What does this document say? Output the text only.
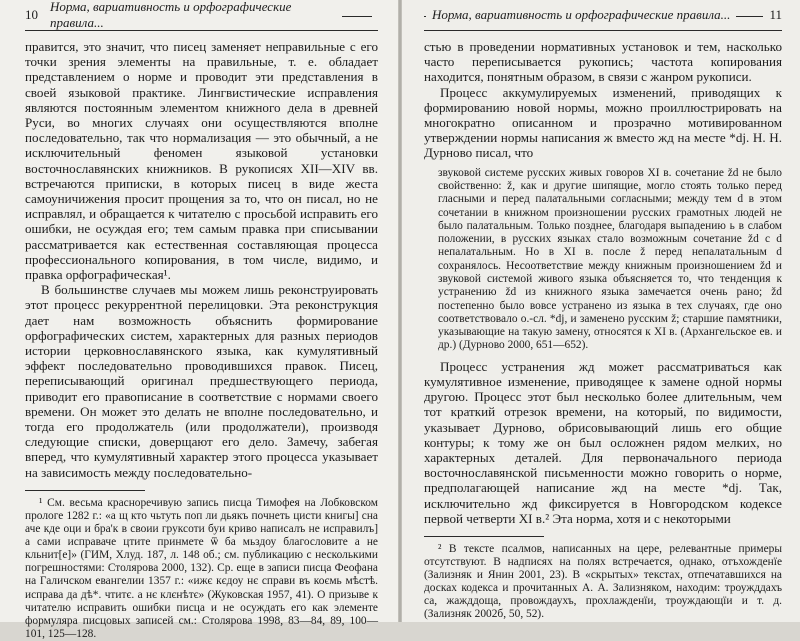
10
Норма, вариативность и орфографические правила...

правится, это значит, что писец заменяет неправильные с его точки зрения элементы на правильные, т. е. обладает представлением о норме и проводит эти представления в своей языковой практике. Лингвистические исправления являются постоянным элементом книжного дела в древней Руси, во многих случаях они осуществляются вполне последовательно, так что нормализация — это обычный, а не исключительный феномен языковой установки восточнославянских книжников. В рукописях XII—XIV вв. встречаются приписки, в которых писец в виде жеста самоуничижения просит прощения за то, что он писал, но не исправлял, и обращается к читателю с просьбой исправить его ошибки, не осуждая его; тем самым правка при списывании рассматривается как естественная составляющая процесса профессионального копирования, в том числе, видимо, и правка орфографическая¹.

В большинстве случаев мы можем лишь реконструировать этот процесс рекуррентной перелицовки. Эта реконструкция дает нам возможность объяснить формирование орфографических систем, характерных для разных периодов истории церковнославянского языка, как кумулятивный эффект последовательно проводившихся правок. Писец, переписывающий оригинал предшествующего периода, приводит его правописание в соответствие с нормами своего времени. Он может это делать не вполне последовательно, и тогда его продолжатель (или продолжатели), производя следующие списки, доверщают его дело. Замечу, забегая вперед, что кумулятивный характер этого процесса указывает на зависимость между последовательно-

¹ См. весьма красноречивую запись писца Тимофея на Лобковском прологе 1282 г.: «а щ кто чьтуть поп ли дьякъ почнеть цисти книгы] сна аче кде оци и бра'к в своии груксоти буи криво написалъ не исправилъ] а сами исправаче цтите принмете ѿ ба мьздоу благословите а не кльнит[е]» (ГИМ, Хлуд. 187, л. 148 об.; см. публикацию с несколькими погрешностями: Столярова 2000, 132). Ср. еще в записи писца Феофана на Галичском евангелии 1357 г.: «ижє кєдоу нє справи въ коємь мѣстѣ. исправа да дѣ*. чтитє. а нє клєнѣтє» (Жуковская 1957, 41). О призыве к читателю исправить ошибки писца и не осуждать его как элементе формуляра писцовых записей см.: Столярова 1998, 83—84, 89, 100—101, 125—128.

Норма, вариативность и орфографические правила...	11

стью в проведении нормативных установок и тем, насколько часто переписывается рукопись; частота копирования находится, понятным образом, в связи с жанром рукописи.

Процесс аккумулируемых изменений, приводящих к формированию новой нормы, можно проиллюстрировать на многократно описанном и прозрачно мотивированном утверждении нормы написания ж вместо жд на месте *dj. Н. Н. Дурново писал, что

звуковой системе русских живых говоров XI в. сочетание žd не было свойственно: ž, как и другие шипящие, могло стоять только перед гласными и перед палатальными согласными; между тем d в этом сочетании в книжном произношении русских грамотных людей не было палатальным. Только позднее, благодаря выпадению ь в слабом положении, в русских языках стало возможным сочетание žd с d непалатальным. Но в XI в. после ž перед непалатальным d сохранялось. Несоответствие между книжным произношением žd и звуковой системой живого языка объясняется то, что тенденция к устранению žd из книжного языка замечается очень рано; žd постепенно было вовсе устранено из языка в тех случаях, где оно соответствовало о.-сл. *dj, и заменено русским ž; старшие памятники, указывающие на такую замену, относятся к XI в. (Архангельское ев. и др.) (Дурново 2000, 651—652).

Процесс устранения жд может рассматриваться как кумулятивное изменение, приводящее к замене одной нормы другою. Процесс этот был несколько более длительным, чем тот краткий отрезок времени, на который, по видимости, указывает Дурново, обрисовывающий лишь его общие контуры; к тому же он был осложнен рядом мелких, но характерных деталей. Для первоначального периода восточнославянской письменности можно говорить о норме, предполагающей написание жд на месте *dj. Так, исключительно жд фиксируется в Новгородском кодексе первой четверти XI в.² Эта норма, хотя и с некоторыми

² В тексте псалмов, написанных на цере, релевантные примеры отсутствуют. В надписях на полях встречается, однако, отъхожденїе (Зализняк и Янин 2001, 23). В «скрытых» текстах, отпечатавшихся на досках кодекса и прочитанных А. А. Зализняком, находим: троужддахъ са, жажддоща, провождаухъ, прохлажденїи, троуждающїи и т. д. (Зализняк 2002б, 50, 52).
